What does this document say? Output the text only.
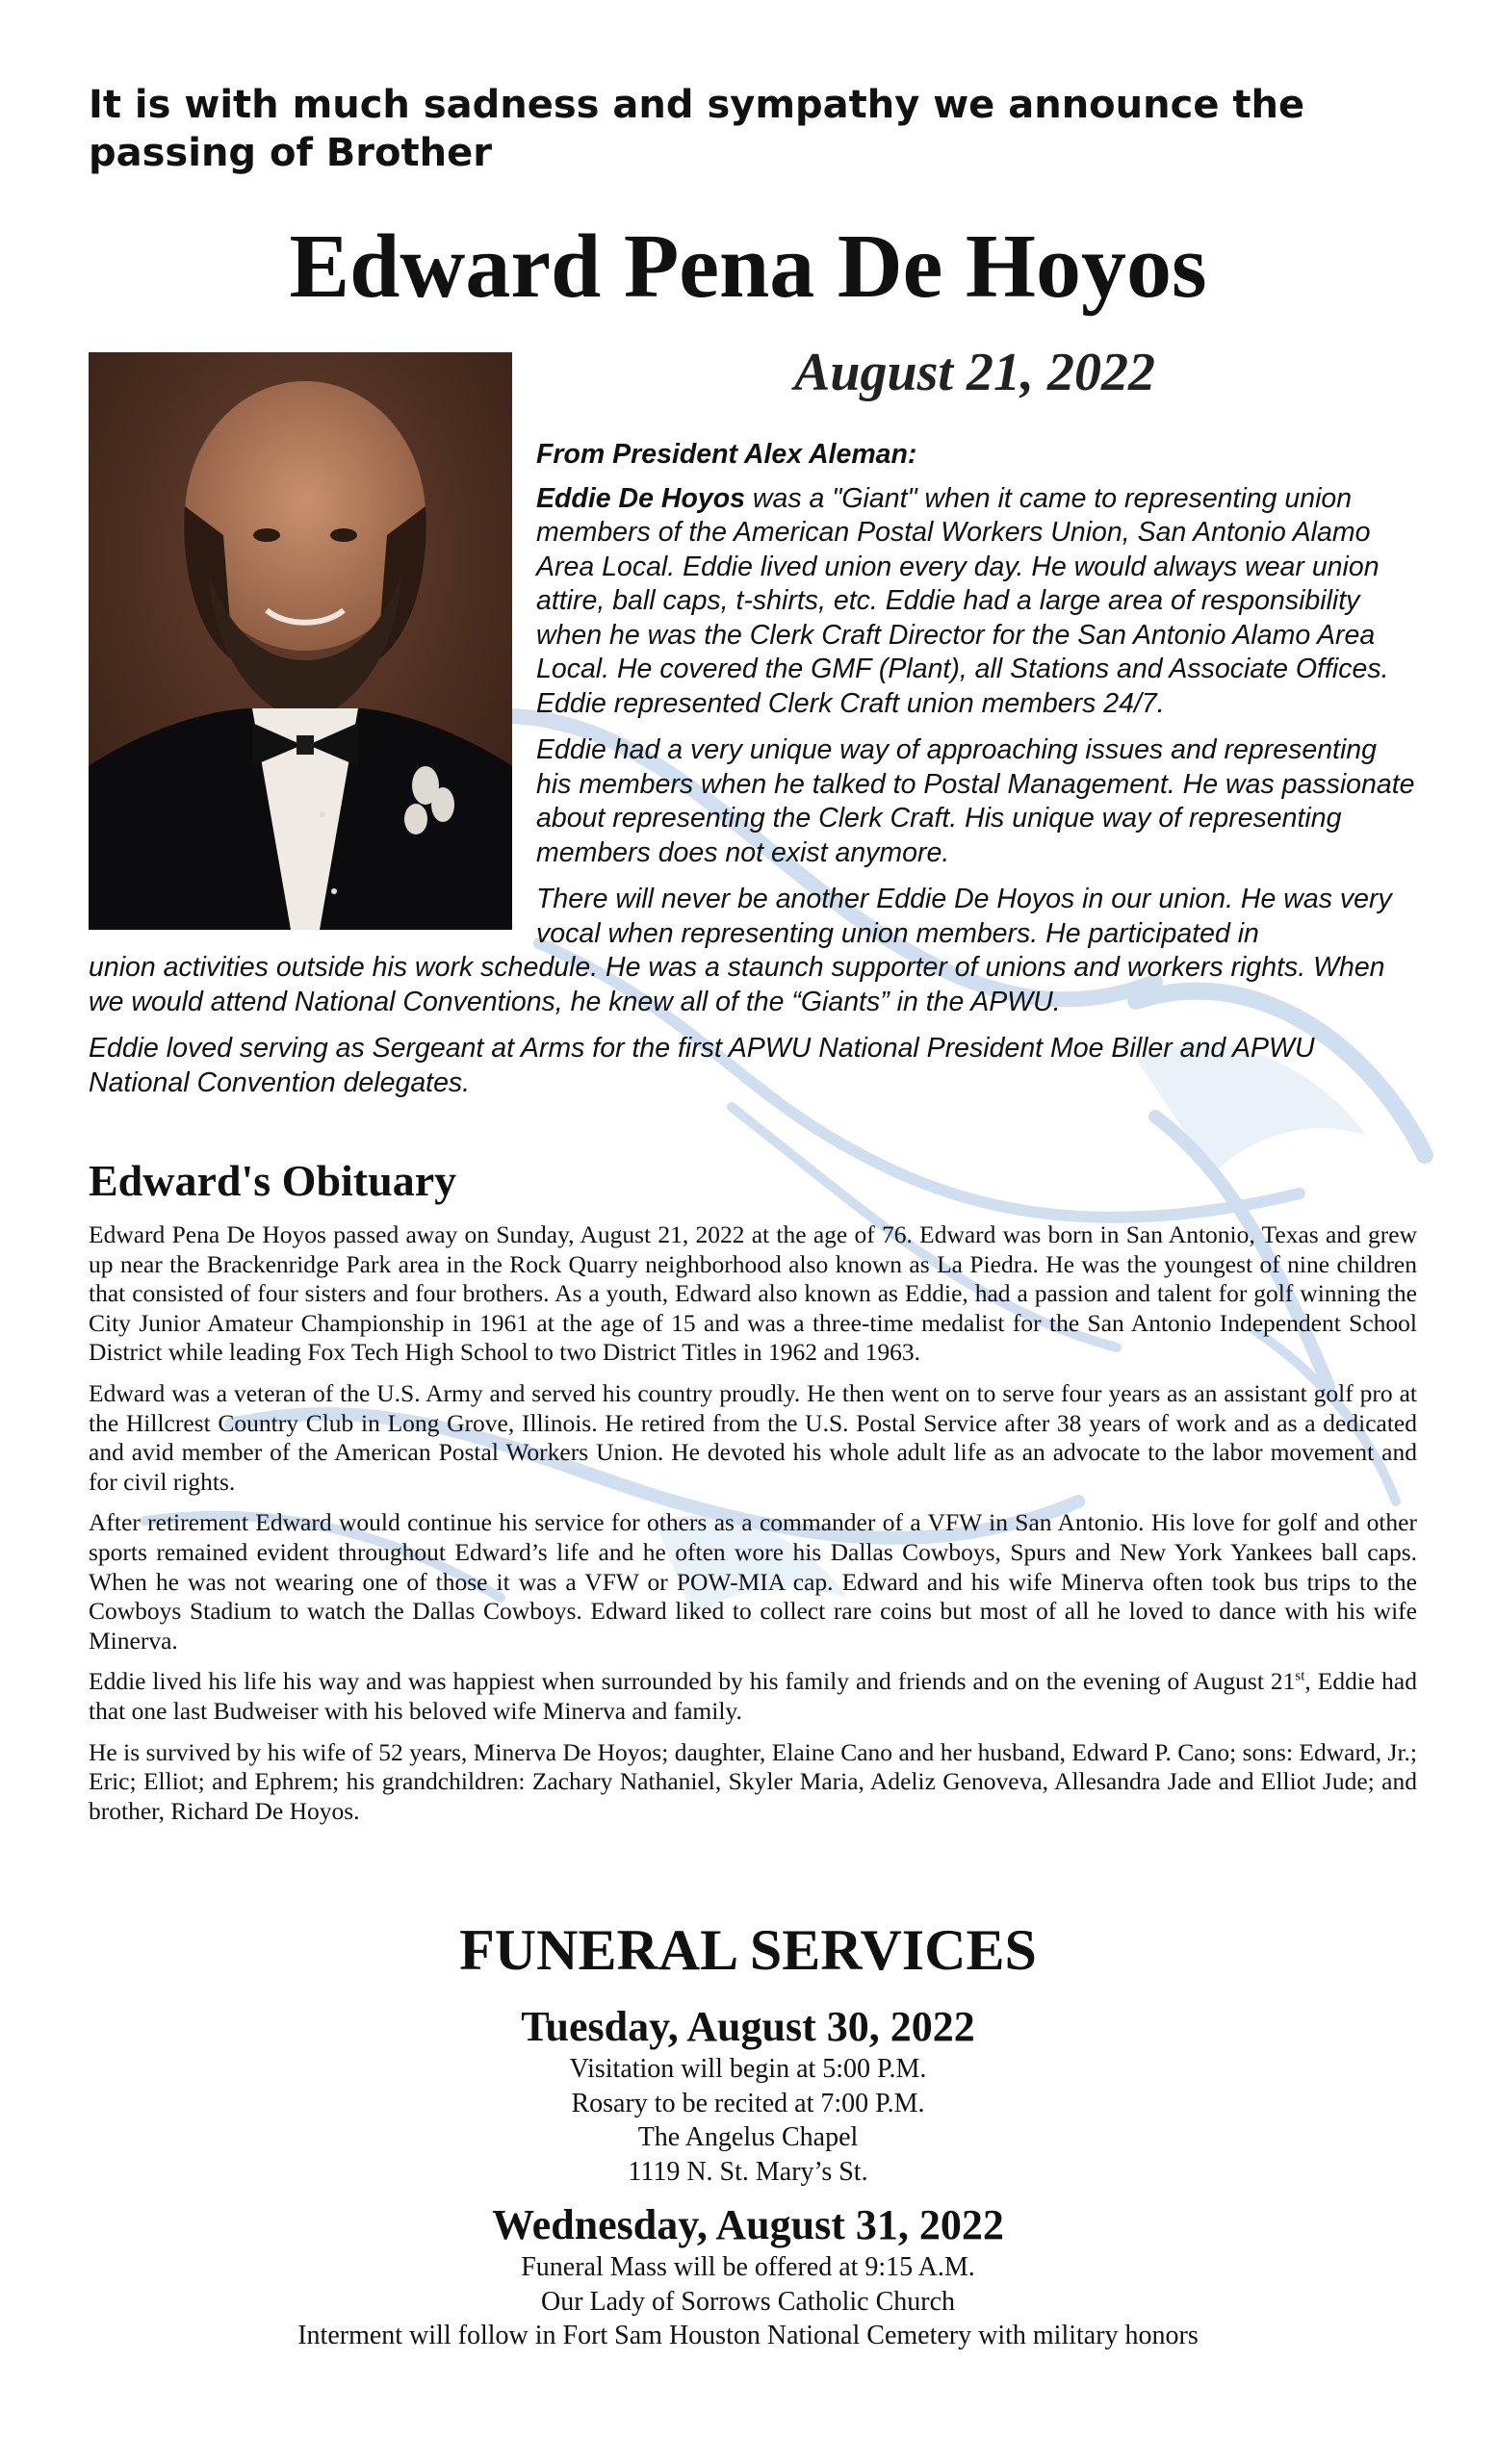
It is with much sadness and sympathy we announce the passing of Brother
Edward Pena De Hoyos
August 21, 2022
From President Alex Aleman:

Eddie De Hoyos was a "Giant" when it came to representing union members of the American Postal Workers Union, San Antonio Alamo Area Local. Eddie lived union every day. He would always wear union attire, ball caps, t-shirts, etc. Eddie had a large area of responsibility when he was the Clerk Craft Director for the San Antonio Alamo Area Local. He covered the GMF (Plant), all Stations and Associate Offices. Eddie represented Clerk Craft union members 24/7.

Eddie had a very unique way of approaching issues and representing his members when he talked to Postal Management. He was passionate about representing the Clerk Craft. His unique way of representing members does not exist anymore.

There will never be another Eddie De Hoyos in our union. He was very vocal when representing union members. He participated in
union activities outside his work schedule. He was a staunch supporter of unions and workers rights. When we would attend National Conventions, he knew all of the “Giants” in the APWU.

Eddie loved serving as Sergeant at Arms for the first APWU National President Moe Biller and APWU National Convention delegates.

Edward's Obituary

Edward Pena De Hoyos passed away on Sunday, August 21, 2022 at the age of 76. Edward was born in San Antonio, Texas and grew up near the Brackenridge Park area in the Rock Quarry neighborhood also known as La Piedra. He was the youngest of nine children that consisted of four sisters and four brothers. As a youth, Edward also known as Eddie, had a passion and talent for golf winning the City Junior Amateur Championship in 1961 at the age of 15 and was a three-time medalist for the San Antonio Independent School District while leading Fox Tech High School to two District Titles in 1962 and 1963.

Edward was a veteran of the U.S. Army and served his country proudly. He then went on to serve four years as an assistant golf pro at the Hillcrest Country Club in Long Grove, Illinois. He retired from the U.S. Postal Service after 38 years of work and as a dedicated and avid member of the American Postal Workers Union. He devoted his whole adult life as an advocate to the labor movement and for civil rights.

After retirement Edward would continue his service for others as a commander of a VFW in San Antonio. His love for golf and other sports remained evident throughout Edward’s life and he often wore his Dallas Cowboys, Spurs and New York Yankees ball caps. When he was not wearing one of those it was a VFW or POW-MIA cap. Edward and his wife Minerva often took bus trips to the Cowboys Stadium to watch the Dallas Cowboys. Edward liked to collect rare coins but most of all he loved to dance with his wife Minerva.

Eddie lived his life his way and was happiest when surrounded by his family and friends and on the evening of August 21st, Eddie had that one last Budweiser with his beloved wife Minerva and family.

He is survived by his wife of 52 years, Minerva De Hoyos; daughter, Elaine Cano and her husband, Edward P. Cano; sons: Edward, Jr.; Eric; Elliot; and Ephrem; his grandchildren: Zachary Nathaniel, Skyler Maria, Adeliz Genoveva, Allesandra Jade and Elliot Jude; and brother, Richard De Hoyos.

FUNERAL SERVICES
Tuesday, August 30, 2022
Visitation will begin at 5:00 P.M.
Rosary to be recited at 7:00 P.M.
The Angelus Chapel
1119 N. St. Mary’s St.
Wednesday, August 31, 2022
Funeral Mass will be offered at 9:15 A.M.
Our Lady of Sorrows Catholic Church
Interment will follow in Fort Sam Houston National Cemetery with military honors
